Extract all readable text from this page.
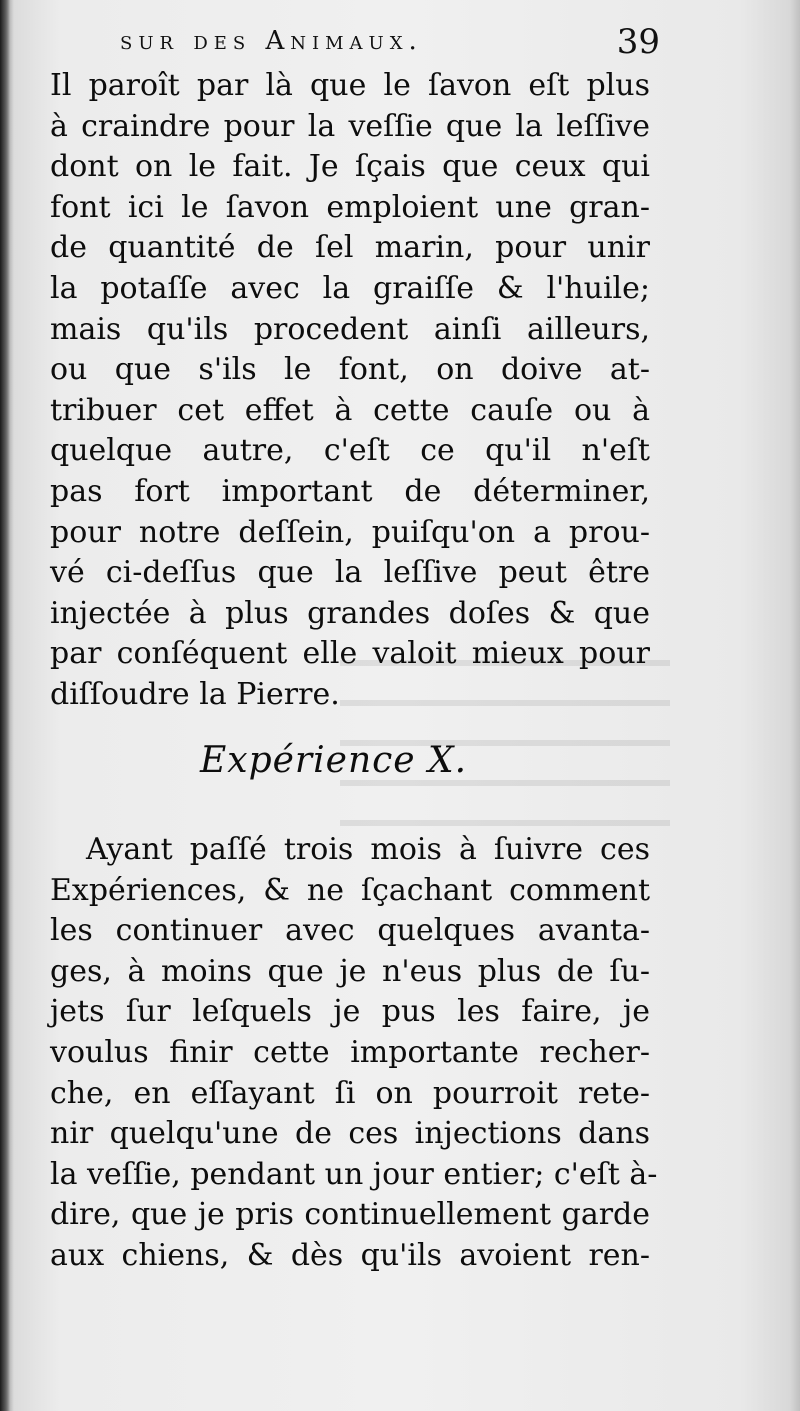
sur des Animaux.	39
Il paroît par là que le ſavon eſt plus
à craindre pour la veſſie que la leſſive
dont on le fait. Je ſçais que ceux qui
font ici le ſavon emploient une gran-
de quantité de ſel marin, pour unir
la potaſſe avec la graiſſe & l'huile;
mais qu'ils procedent ainſi ailleurs,
ou que s'ils le font, on doive at-
tribuer cet effet à cette cauſe ou à
quelque autre, c'eſt ce qu'il n'eſt
pas fort important de déterminer,
pour notre deſſein, puiſqu'on a prou-
vé ci-deſſus que la leſſive peut être
injectée à plus grandes doſes & que
par conſéquent elle valoit mieux pour
diſſoudre la Pierre.
Expérience X.
Ayant paſſé trois mois à ſuivre ces
Expériences, & ne ſçachant comment
les continuer avec quelques avanta-
ges, à moins que je n'eus plus de ſu-
jets ſur leſquels je pus les faire, je
voulus finir cette importante recher-
che, en eſſayant ſi on pourroit rete-
nir quelqu'une de ces injections dans
la veſſie, pendant un jour entier; c'eſt à-
dire, que je pris continuellement garde
aux chiens, & dès qu'ils avoient ren-
